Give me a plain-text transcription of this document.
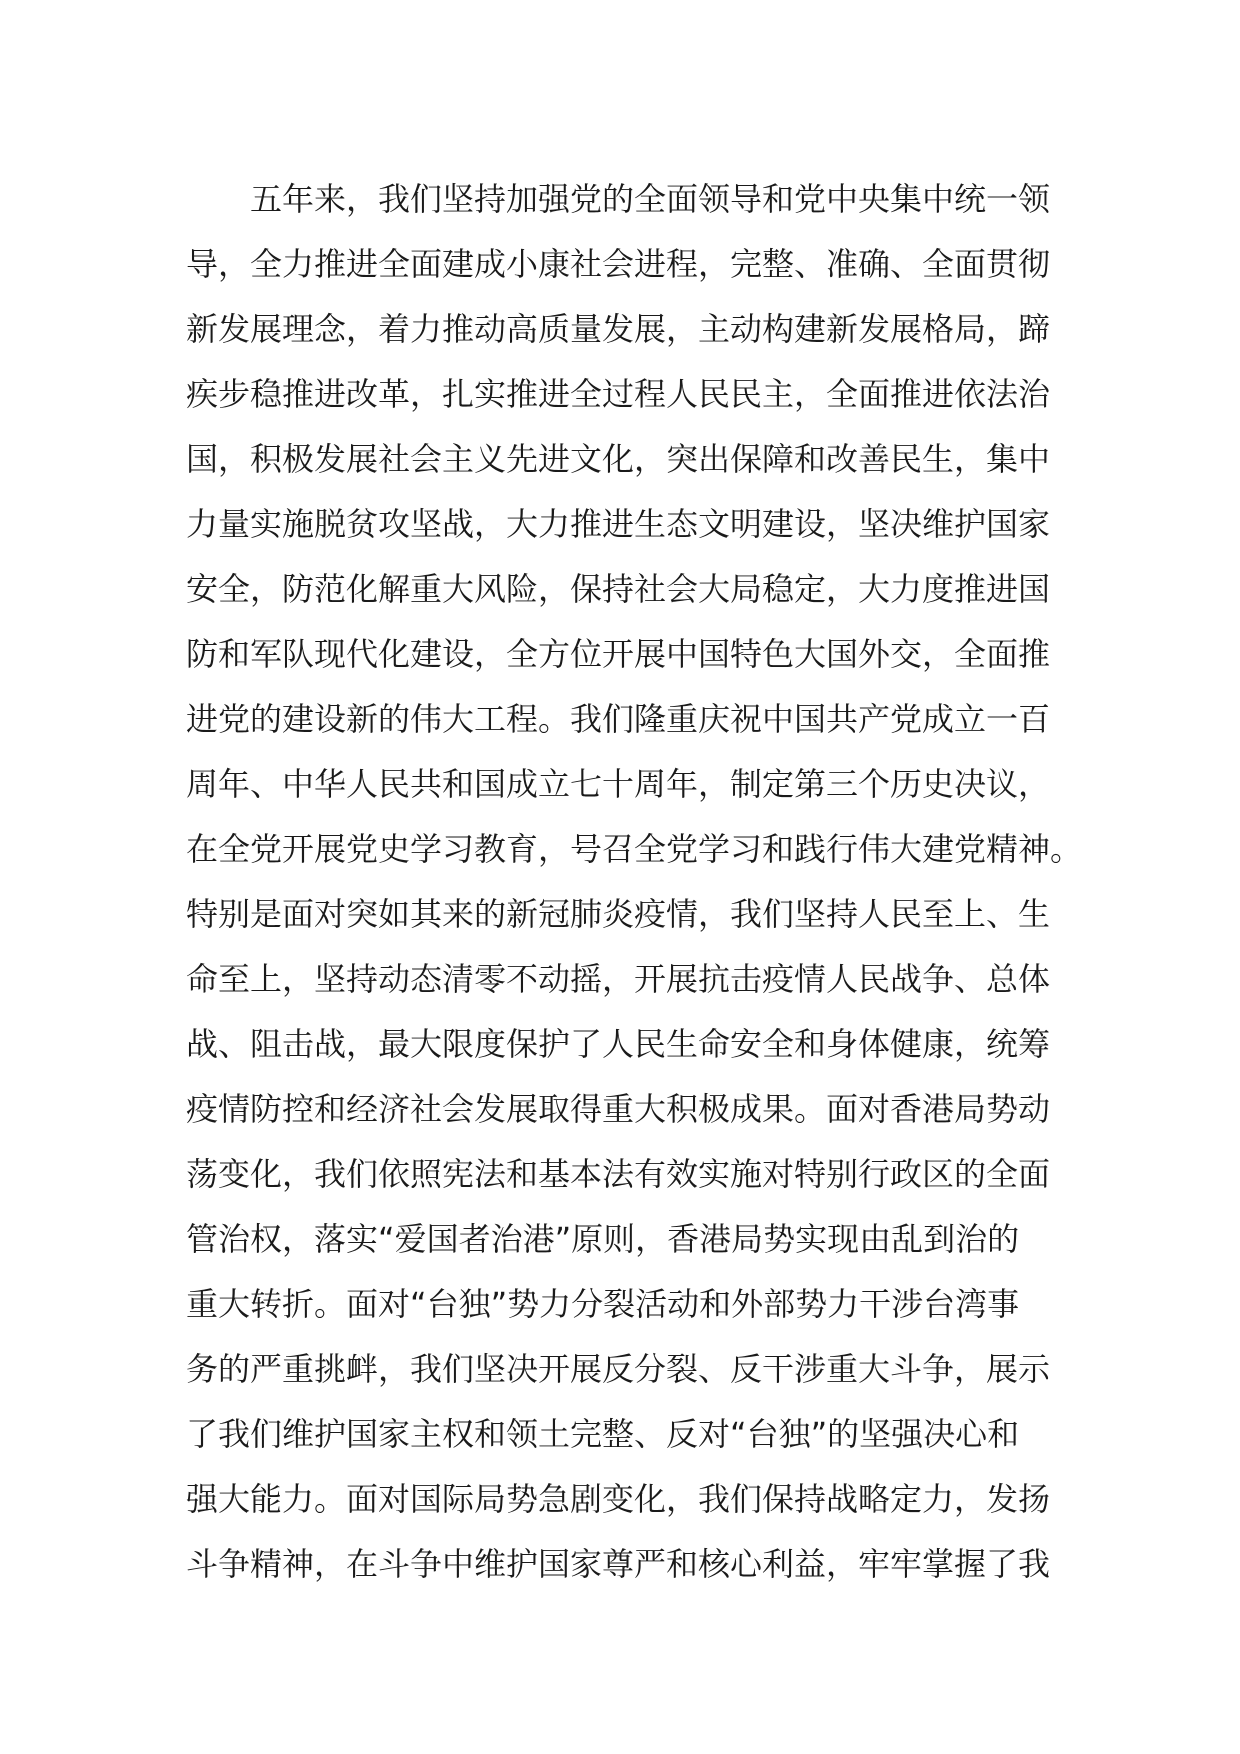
五年来，我们坚持加强党的全面领导和党中央集中统一领
导，全力推进全面建成小康社会进程，完整、准确、全面贯彻
新发展理念，着力推动高质量发展，主动构建新发展格局，蹄
疾步稳推进改革，扎实推进全过程人民民主，全面推进依法治
国，积极发展社会主义先进文化，突出保障和改善民生，集中
力量实施脱贫攻坚战，大力推进生态文明建设，坚决维护国家
安全，防范化解重大风险，保持社会大局稳定，大力度推进国
防和军队现代化建设，全方位开展中国特色大国外交，全面推
进党的建设新的伟大工程。我们隆重庆祝中国共产党成立一百
周年、中华人民共和国成立七十周年，制定第三个历史决议，
在全党开展党史学习教育，号召全党学习和践行伟大建党精神。
特别是面对突如其来的新冠肺炎疫情，我们坚持人民至上、生
命至上，坚持动态清零不动摇，开展抗击疫情人民战争、总体
战、阻击战，最大限度保护了人民生命安全和身体健康，统筹
疫情防控和经济社会发展取得重大积极成果。面对香港局势动
荡变化，我们依照宪法和基本法有效实施对特别行政区的全面
管治权，落实“爱国者治港”原则，香港局势实现由乱到治的
重大转折。面对“台独”势力分裂活动和外部势力干涉台湾事
务的严重挑衅，我们坚决开展反分裂、反干涉重大斗争，展示
了我们维护国家主权和领土完整、反对“台独”的坚强决心和
强大能力。面对国际局势急剧变化，我们保持战略定力，发扬
斗争精神，在斗争中维护国家尊严和核心利益，牢牢掌握了我
